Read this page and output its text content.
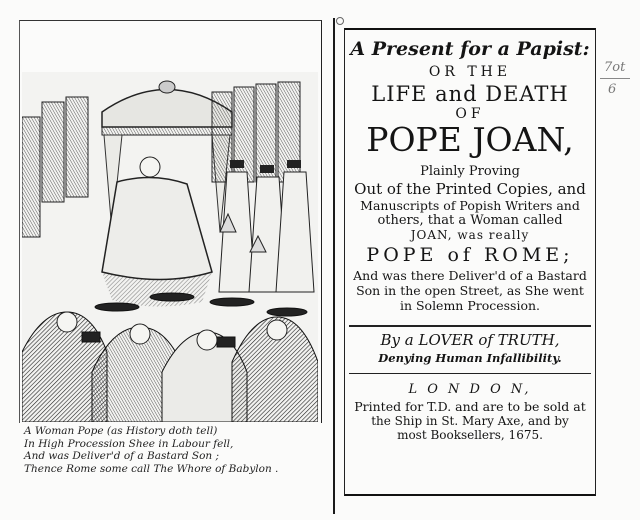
A Woman Pope (as History doth tell)
In High Procession Shee in Labour fell,
And was Deliver'd of a Bastard Son ;
Thence Rome some call The Whore of Babylon .
A Present for a Papist:
OR THE
LIFE and DEATH
OF
POPE JOAN,
Plainly Proving
Out of the Printed Copies, and
Manuscripts of Popish Writers and
others, that a Woman called
JOAN, was really
POPE of ROME;
And was there Deliver'd of a Bastard
Son in the open Street, as She went
in Solemn Procession.
By a LOVER of TRUTH,
Denying Human Infallibility.
L O N D O N,
Printed for T.D. and are to be sold at
the Ship in St. Mary Axe, and by
most Booksellers, 1675.
7ot
6
